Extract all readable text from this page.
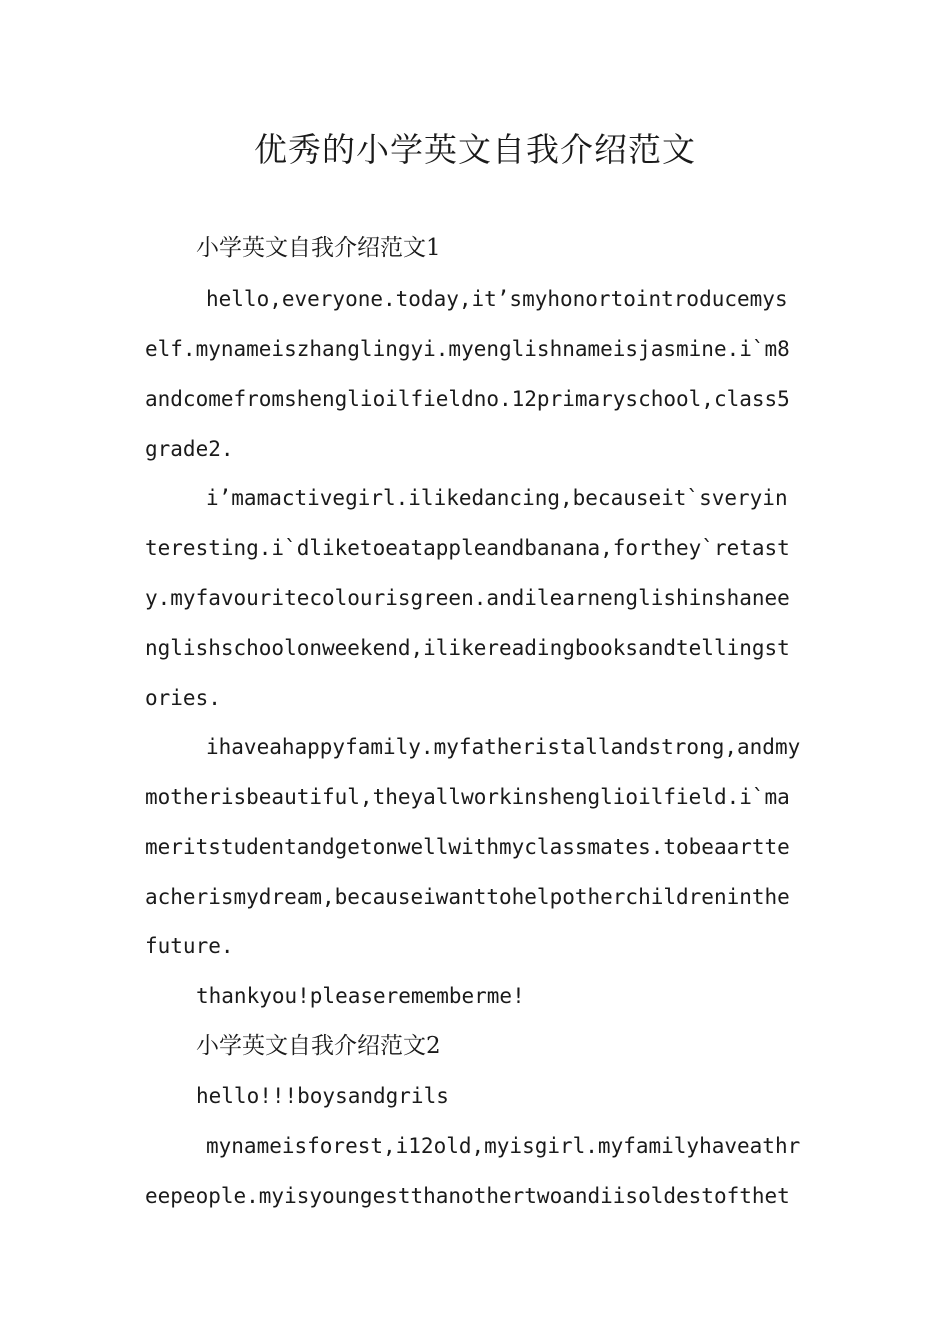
优秀的小学英文自我介绍范文
小学英文自我介绍范文1
hello,everyone.today,it’smyhonortointroducemys
elf.mynameiszhanglingyi.myenglishnameisjasmine.i`m8
andcomefromshenglioilfieldno.12primaryschool,class5
grade2.
i’mamactivegirl.ilikedancing,becauseit`sveryin
teresting.i`dliketoeatappleandbanana,forthey`retast
y.myfavouritecolourisgreen.andilearnenglishinshanee
nglishschoolonweekend,ilikereadingbooksandtellingst
ories.
ihaveahappyfamily.myfatheristallandstrong,andmy
motherisbeautiful,theyallworkinshenglioilfield.i`ma
meritstudentandgetonwellwithmyclassmates.tobeaartte
acherismydream,becauseiwanttohelpotherchildreninthe
future.
thankyou!pleaserememberme!
小学英文自我介绍范文2
hello!!!boysandgrils
mynameisforest,i12old,myisgirl.myfamilyhaveathr
eepeople.myisyoungestthanothertwoandiisoldestofthet
